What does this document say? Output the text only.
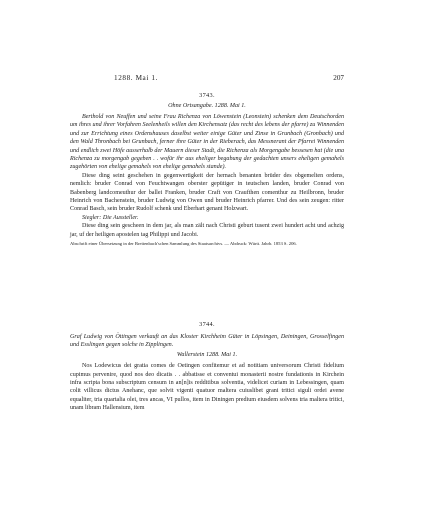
1288. Mai 1.	207
3743.
Ohne Ortsangabe. 1288. Mai 1.

Berthold von Neuffen und seine Frau Richenza von Löwenstein (Leonstein) schenken dem Deutschorden um ihres und ihrer Vorfahren Seelenheils willen den Kirchensatz (das recht des lebens der pfarre) zu Winnenden und zur Errichtung eines Ordenshauses daselbst weiter einige Güter und Zinse in Grunbach (Gronbach) und den Wald Thronbach bei Grunbach, ferner ihre Güter in der Rieberach, das Messnerant der Pfarrei Winnenden und endlich zwei Höfe ausserhalb der Mauern dieser Stadt, die Richenza als Morgengabe bessesen hat (die una Richenza zu morgengab gegeben . . wofür ihr aus eheliger begabung der gedachten unsers eheligen gemahels zugehörten von ehelige gemahels von ehelige gemahels stande).

Diese ding seint geschehen in gegenwertigkeit der hernach benanten brüder des obgemelten ordens, nemlich: bruder Conrad von Feuchtwangen oberster gepütiger in teutschen landen, bruder Conrad von Babenberg landcomeuthur der ballei Franken, bruder Craft von Craufthen comenthur zu Heilbronn, bruder Heinrich von Bachenstein, bruder Ludwig von Owen und bruder Heinrich pfarrer. Und des sein zeugen: ritter Conrad Basch, sein bruder Rudolf schenk und Eberhart genant Holzwart.

Siegler: Die Aussteller.

Diese ding sein gescheen in dem jar, als man zält nach Christi geburt tusent zwei hundert acht und achzig jar, uf der heiligen apostelen tag Philippi und Jacobi.

Abschrift einer Übersetzung in der Breitenbach'schen Sammlung des Staatsarchivs. — Abdruck: Württ. Jahrb. 1853 S. 206.

3744.

Graf Ludwig von Öttingen verkauft an das Kloster Kirchheim Güter in Löpsingen, Deiningen, Grosselfingen und Esslingen gegen solche in Zipplingen.

Wallerstein 1288. Mai 1.

Nos Lodewicus dei gratia comes de Oetingen confitemur et ad notitiam universorum Christi fidelium cupimus pervenire, quod nos deo dicatis . . abbatisse et conventui monasterii nostre fundationis in Kirchein infra scripta bona subscriptum censum in an[n]is redditibus solventia, videlicet curiam in Lebessingen, quam colit villicus dictus Anehanc, que solvit vigenti quatuor maltera cuiuslibet grani tritici siguli ordei avene equaliter, tria quartalia olei, tres ancas, VI pullos, item in Diningen predium eiusdem solvens tria maltera tritici, unam libram Hallensium, item
